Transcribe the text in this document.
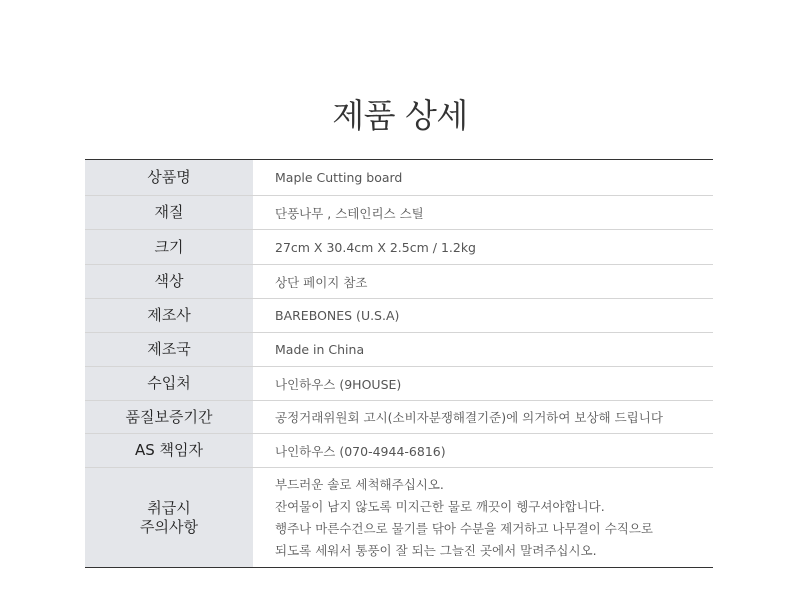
제품 상세
상품명	Maple Cutting board
재질	단풍나무 , 스테인리스 스틸
크기	27cm X 30.4cm X 2.5cm / 1.2kg
색상	상단 페이지 참조
제조사	BAREBONES (U.S.A)
제조국	Made in China
수입처	나인하우스 (9HOUSE)
품질보증기간	공정거래위원회 고시(소비자분쟁해결기준)에 의거하여 보상해 드립니다
AS 책임자	나인하우스 (070-4944-6816)

취급시
주의사항	부드러운 솔로 세척해주십시오.
잔여물이 남지 않도록 미지근한 물로 깨끗이 헹구셔야합니다.
행주나 마른수건으로 물기를 닦아 수분을 제거하고 나무결이 수직으로
되도록 세워서 통풍이 잘 되는 그늘진 곳에서 말려주십시오.
